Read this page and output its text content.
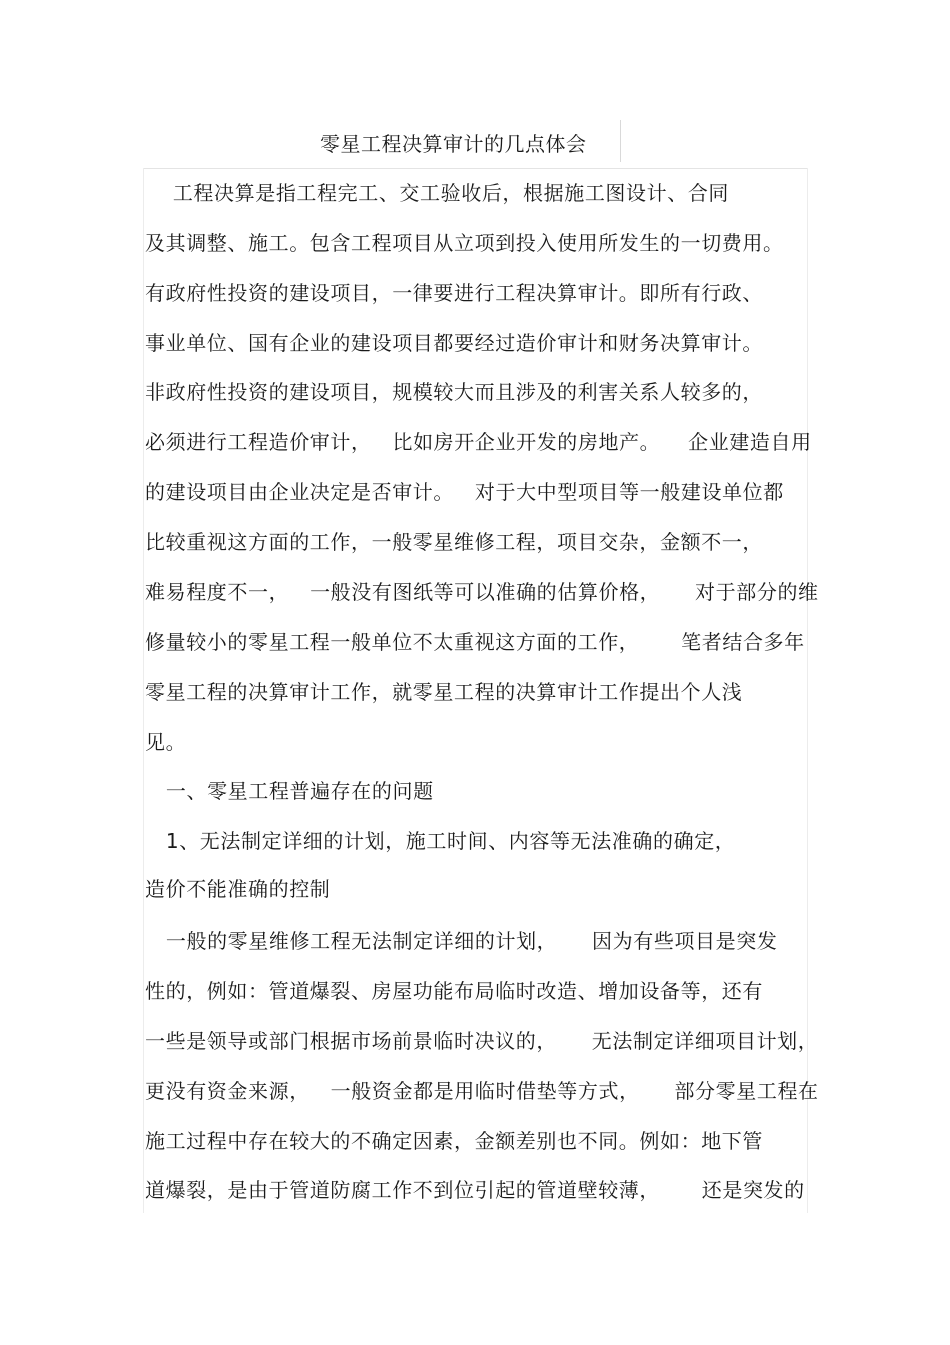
零星工程决算审计的几点体会
工程决算是指工程完工、交工验收后，根据施工图设计、合同
及其调整、施工。包含工程项目从立项到投入使用所发生的一切费用。
有政府性投资的建设项目，一律要进行工程决算审计。即所有行政、
事业单位、国有企业的建设项目都要经过造价审计和财务决算审计。
非政府性投资的建设项目，规模较大而且涉及的利害关系人较多的，
必须进行工程造价审计，   比如房开企业开发的房地产。    企业建造自用
的建设项目由企业决定是否审计。   对于大中型项目等一般建设单位都
比较重视这方面的工作，一般零星维修工程，项目交杂，金额不一，
难易程度不一，   一般没有图纸等可以准确的估算价格，     对于部分的维
修量较小的零星工程一般单位不太重视这方面的工作，      笔者结合多年
零星工程的决算审计工作，就零星工程的决算审计工作提出个人浅
见。
一、零星工程普遍存在的问题
1、无法制定详细的计划，施工时间、内容等无法准确的确定，
造价不能准确的控制
一般的零星维修工程无法制定详细的计划，     因为有些项目是突发
性的，例如：管道爆裂、房屋功能布局临时改造、增加设备等，还有
一些是领导或部门根据市场前景临时决议的，     无法制定详细项目计划，
更没有资金来源，   一般资金都是用临时借垫等方式，     部分零星工程在
施工过程中存在较大的不确定因素，金额差别也不同。例如：地下管
道爆裂，是由于管道防腐工作不到位引起的管道壁较薄，      还是突发的
